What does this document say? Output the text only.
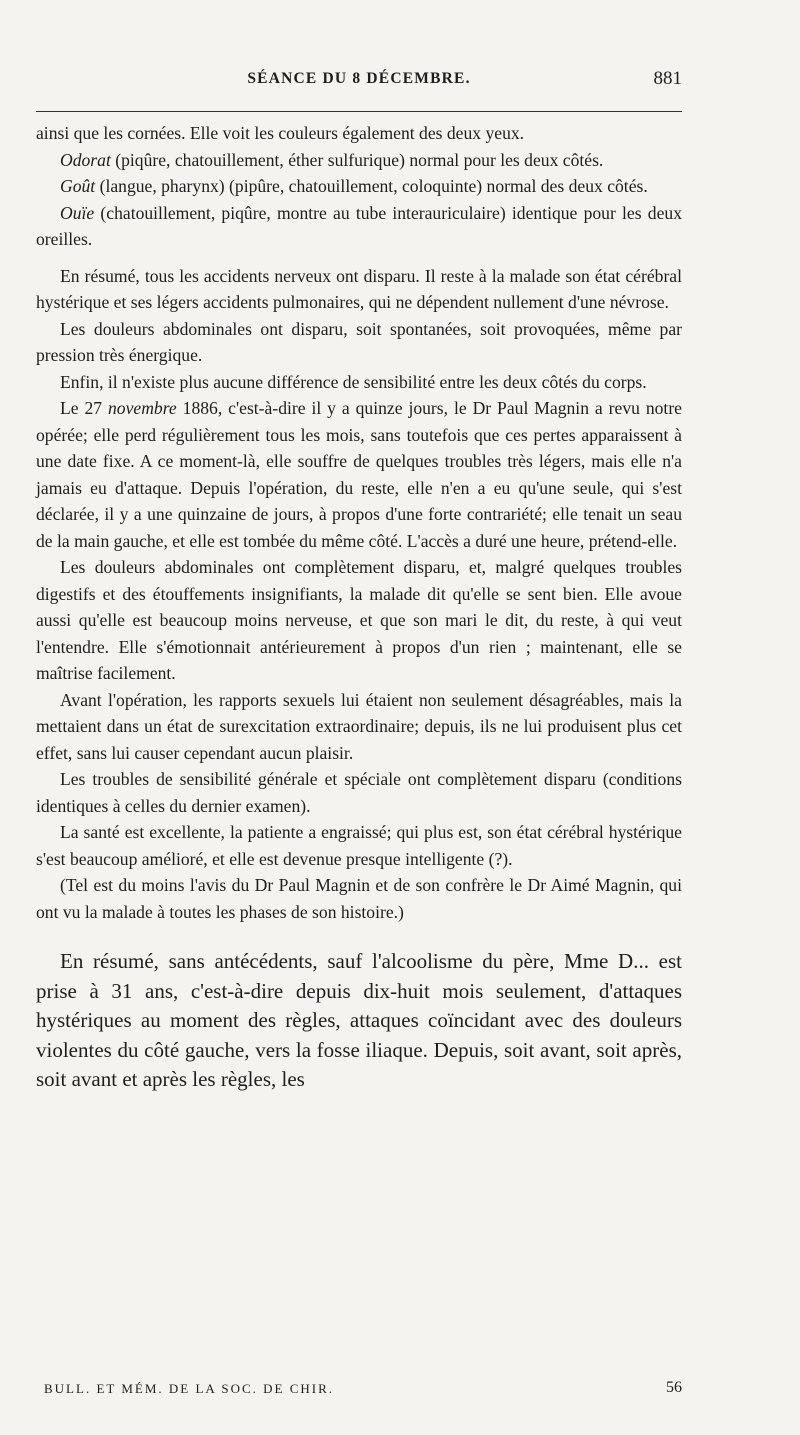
SÉANCE DU 8 DÉCEMBRE.	881

ainsi que les cornées. Elle voit les couleurs également des deux yeux.

Odorat (piqûre, chatouillement, éther sulfurique) normal pour les deux côtés.

Goût (langue, pharynx) (pipûre, chatouillement, coloquinte) normal des deux côtés.

Ouïe (chatouillement, piqûre, montre au tube interauriculaire) identique pour les deux oreilles.

En résumé, tous les accidents nerveux ont disparu. Il reste à la malade son état cérébral hystérique et ses légers accidents pulmonaires, qui ne dépendent nullement d'une névrose.

Les douleurs abdominales ont disparu, soit spontanées, soit provoquées, même par pression très énergique.

Enfin, il n'existe plus aucune différence de sensibilité entre les deux côtés du corps.

Le 27 novembre 1886, c'est-à-dire il y a quinze jours, le Dr Paul Magnin a revu notre opérée; elle perd régulièrement tous les mois, sans toutefois que ces pertes apparaissent à une date fixe. A ce moment-là, elle souffre de quelques troubles très légers, mais elle n'a jamais eu d'attaque. Depuis l'opération, du reste, elle n'en a eu qu'une seule, qui s'est déclarée, il y a une quinzaine de jours, à propos d'une forte contrariété; elle tenait un seau de la main gauche, et elle est tombée du même côté. L'accès a duré une heure, prétend-elle.

Les douleurs abdominales ont complètement disparu, et, malgré quelques troubles digestifs et des étouffements insignifiants, la malade dit qu'elle se sent bien. Elle avoue aussi qu'elle est beaucoup moins nerveuse, et que son mari le dit, du reste, à qui veut l'entendre. Elle s'émotionnait antérieurement à propos d'un rien ; maintenant, elle se maîtrise facilement.

Avant l'opération, les rapports sexuels lui étaient non seulement désagréables, mais la mettaient dans un état de surexcitation extraordinaire; depuis, ils ne lui produisent plus cet effet, sans lui causer cependant aucun plaisir.

Les troubles de sensibilité générale et spéciale ont complètement disparu (conditions identiques à celles du dernier examen).

La santé est excellente, la patiente a engraissé; qui plus est, son état cérébral hystérique s'est beaucoup amélioré, et elle est devenue presque intelligente (?).

(Tel est du moins l'avis du Dr Paul Magnin et de son confrère le Dr Aimé Magnin, qui ont vu la malade à toutes les phases de son histoire.)

En résumé, sans antécédents, sauf l'alcoolisme du père, Mme D... est prise à 31 ans, c'est-à-dire depuis dix-huit mois seulement, d'attaques hystériques au moment des règles, attaques coïncidant avec des douleurs violentes du côté gauche, vers la fosse iliaque. Depuis, soit avant, soit après, soit avant et après les règles, les

BULL. ET MÉM. DE LA SOC. DE CHIR.	56
